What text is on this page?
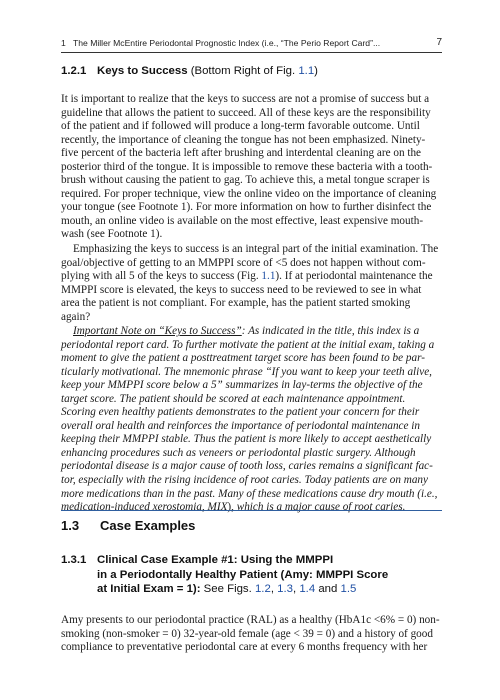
1 The Miller McEntire Periodontal Prognostic Index (i.e., “The Perio Report Card”...	7
1.2.1 Keys to Success (Bottom Right of Fig. 1.1)

It is important to realize that the keys to success are not a promise of success but a

guideline that allows the patient to succeed. All of these keys are the responsibility

of the patient and if followed will produce a long-term favorable outcome. Until

recently, the importance of cleaning the tongue has not been emphasized. Ninety-

five percent of the bacteria left after brushing and interdental cleaning are on the

posterior third of the tongue. It is impossible to remove these bacteria with a tooth-

brush without causing the patient to gag. To achieve this, a metal tongue scraper is

required. For proper technique, view the online video on the importance of cleaning

your tongue (see Footnote 1). For more information on how to further disinfect the

mouth, an online video is available on the most effective, least expensive mouth-

wash (see Footnote 1).

Emphasizing the keys to success is an integral part of the initial examination. The

goal/objective of getting to an MMPPI score of <5 does not happen without com-

plying with all 5 of the keys to success (Fig. 1.1). If at periodontal maintenance the

MMPPI score is elevated, the keys to success need to be reviewed to see in what

area the patient is not compliant. For example, has the patient started smoking

again?

Important Note on “Keys to Success”: As indicated in the title, this index is a

periodontal report card. To further motivate the patient at the initial exam, taking a

moment to give the patient a posttreatment target score has been found to be par-

ticularly motivational. The mnemonic phrase “If you want to keep your teeth alive,

keep your MMPPI score below a 5” summarizes in lay-terms the objective of the

target score. The patient should be scored at each maintenance appointment.

Scoring even healthy patients demonstrates to the patient your concern for their

overall oral health and reinforces the importance of periodontal maintenance in

keeping their MMPPI stable. Thus the patient is more likely to accept aesthetically

enhancing procedures such as veneers or periodontal plastic surgery. Although

periodontal disease is a major cause of tooth loss, caries remains a significant fac-

tor, especially with the rising incidence of root caries. Today patients are on many

more medications than in the past. Many of these medications cause dry mouth (i.e.,

medication-induced xerostomia, MIX), which is a major cause of root caries.

1.3 Case Examples
1.3.1 Clinical Case Example #1: Using the MMPPI
in a Periodontally Healthy Patient (Amy: MMPPI Score
at Initial Exam = 1): See Figs. 1.2, 1.3, 1.4 and 1.5

Amy presents to our periodontal practice (RAL) as a healthy (HbA1c <6% = 0) non-

smoking (non-smoker = 0) 32-year-old female (age < 39 = 0) and a history of good

compliance to preventative periodontal care at every 6 months frequency with her
